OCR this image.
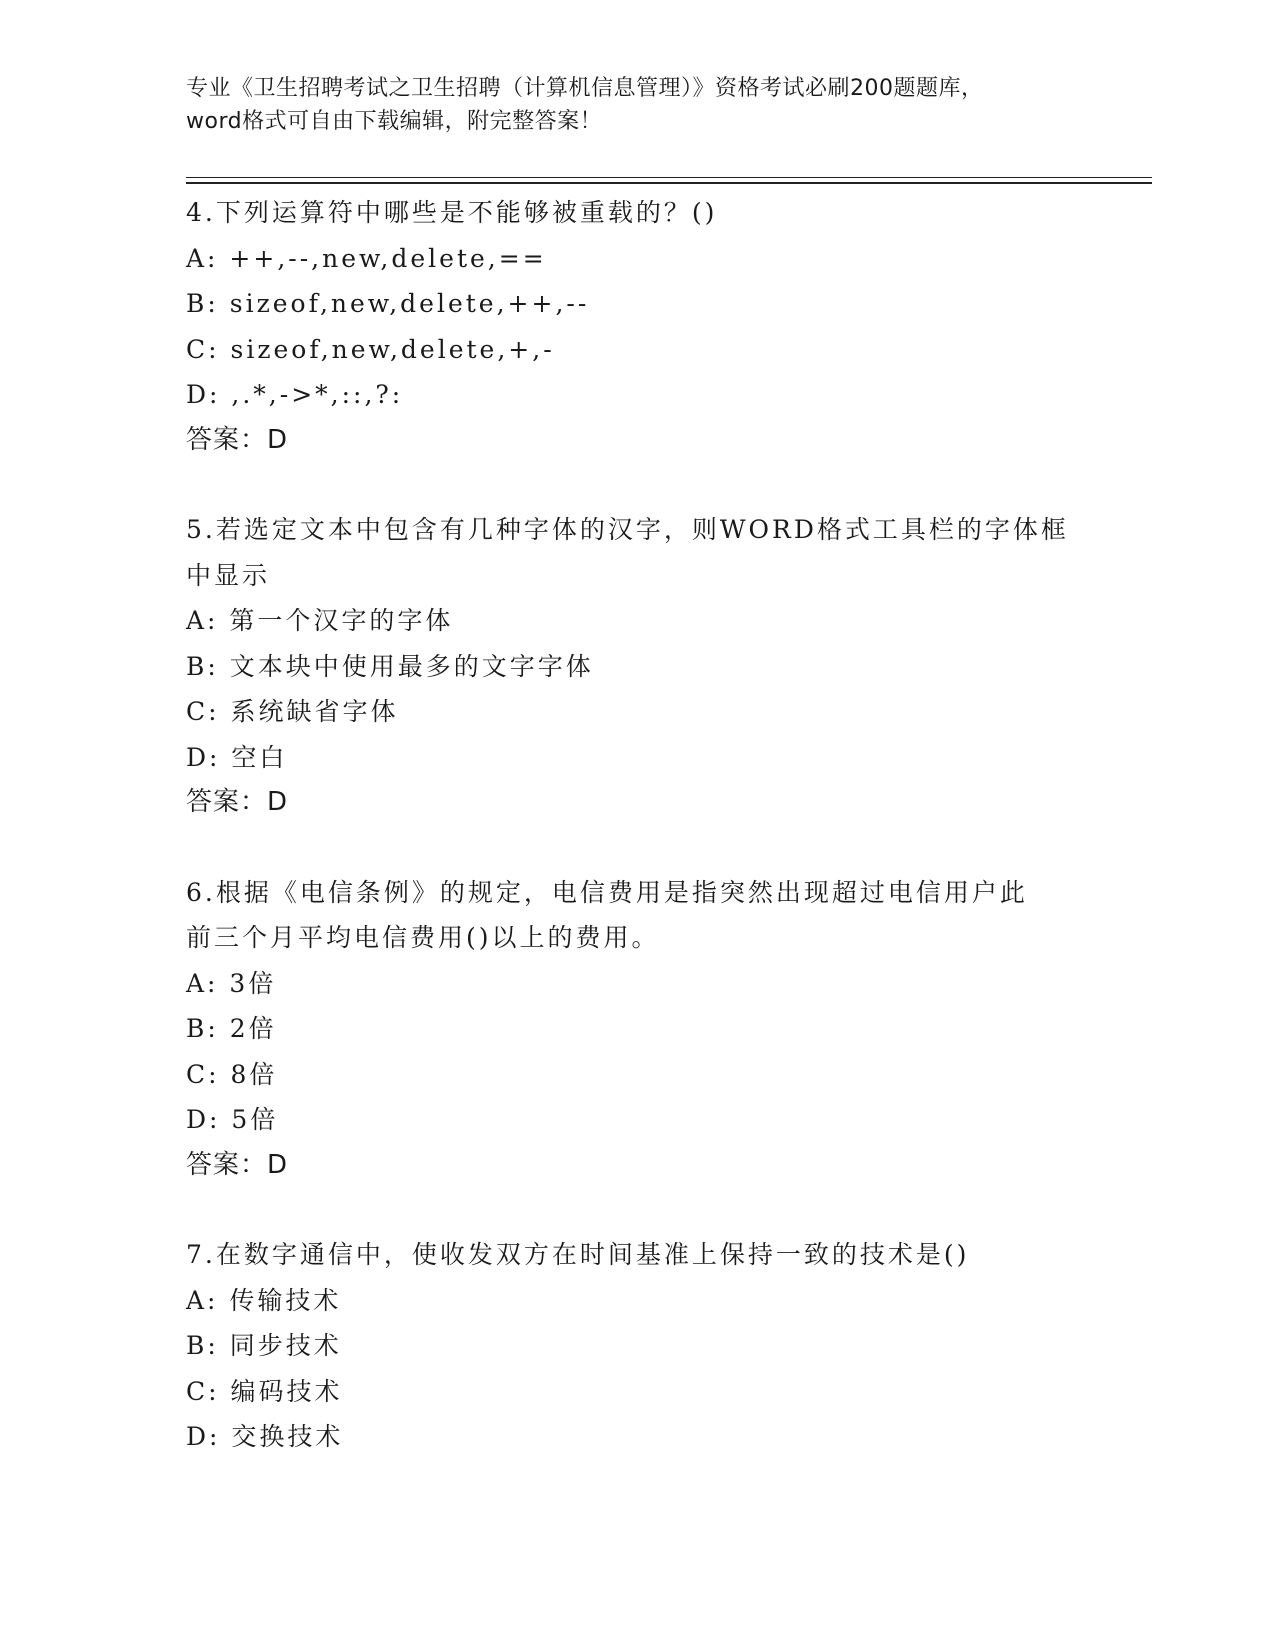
专业《卫生招聘考试之卫生招聘（计算机信息管理）》资格考试必刷200题题库，
word格式可自由下载编辑，附完整答案！

4.下列运算符中哪些是不能够被重载的？()

A: ++,--,new,delete,==

B: sizeof,new,delete,++,--

C: sizeof,new,delete,+,-

D: ,.*,->*,::,?:

答案：D

5.若选定文本中包含有几种字体的汉字，则WORD格式工具栏的字体框

中显示

A: 第一个汉字的字体

B: 文本块中使用最多的文字字体

C: 系统缺省字体

D: 空白

答案：D

6.根据《电信条例》的规定，电信费用是指突然出现超过电信用户此

前三个月平均电信费用()以上的费用。

A: 3倍

B: 2倍

C: 8倍

D: 5倍

答案：D

7.在数字通信中，使收发双方在时间基准上保持一致的技术是()

A: 传输技术

B: 同步技术

C: 编码技术

D: 交换技术
